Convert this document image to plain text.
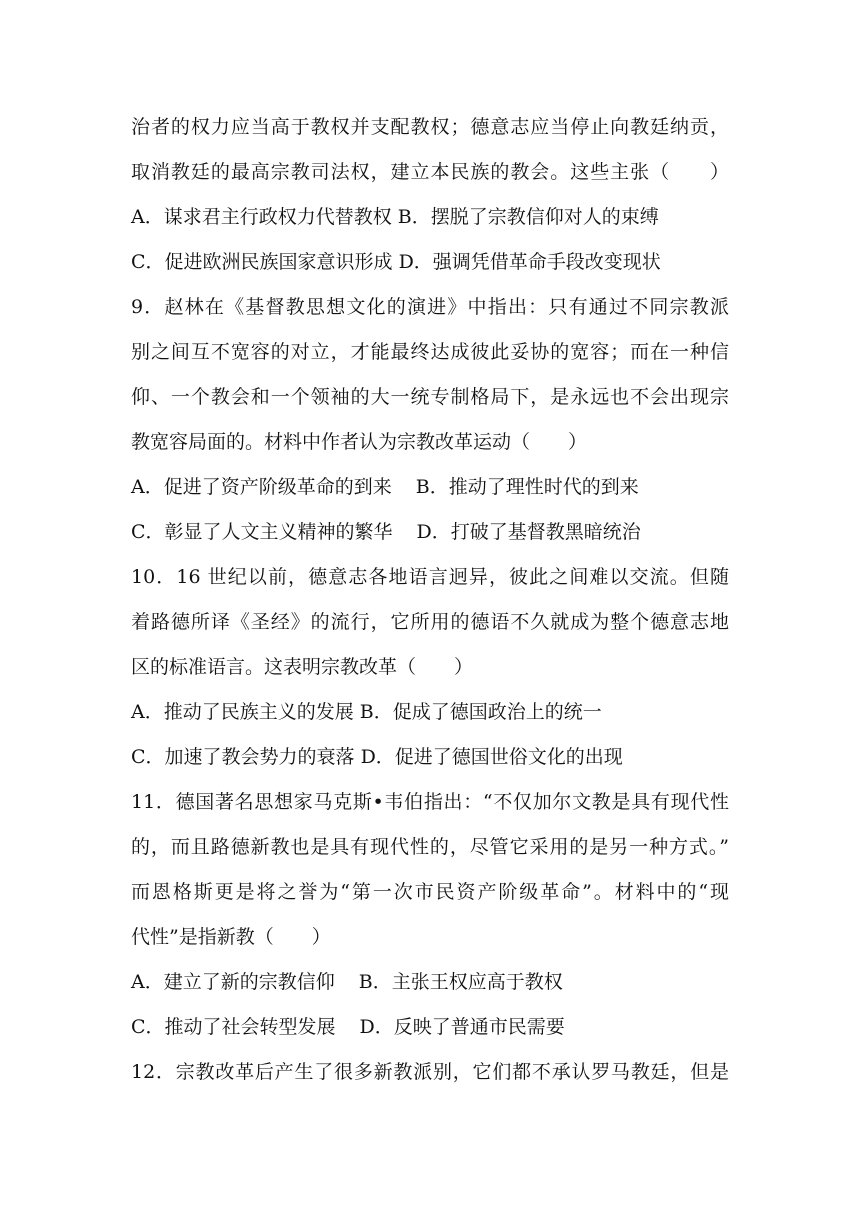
治者的权力应当高于教权并支配教权；德意志应当停止向教廷纳贡，
取消教廷的最高宗教司法权，建立本民族的教会。这些主张（　　）
A．谋求君主行政权力代替教权 B．摆脱了宗教信仰对人的束缚
C．促进欧洲民族国家意识形成 D．强调凭借革命手段改变现状
9．赵林在《基督教思想文化的演进》中指出：只有通过不同宗教派
别之间互不宽容的对立，才能最终达成彼此妥协的宽容；而在一种信
仰、一个教会和一个领袖的大一统专制格局下，是永远也不会出现宗
教宽容局面的。材料中作者认为宗教改革运动（　　）
A．促进了资产阶级革命的到来 B．推动了理性时代的到来
C．彰显了人文主义精神的繁华 D．打破了基督教黑暗统治
10．16 世纪以前，德意志各地语言迥异，彼此之间难以交流。但随
着路德所译《圣经》的流行，它所用的德语不久就成为整个德意志地
区的标准语言。这表明宗教改革（　　）
A．推动了民族主义的发展 B．促成了德国政治上的统一
C．加速了教会势力的衰落 D．促进了德国世俗文化的出现
11．德国著名思想家马克斯•韦伯指出：“不仅加尔文教是具有现代性
的，而且路德新教也是具有现代性的，尽管它采用的是另一种方式。”
而恩格斯更是将之誉为“第一次市民资产阶级革命”。材料中的“现
代性”是指新教（　　）
A．建立了新的宗教信仰 B．主张王权应高于教权
C．推动了社会转型发展 D．反映了普通市民需要
12．宗教改革后产生了很多新教派别，它们都不承认罗马教廷，但是
